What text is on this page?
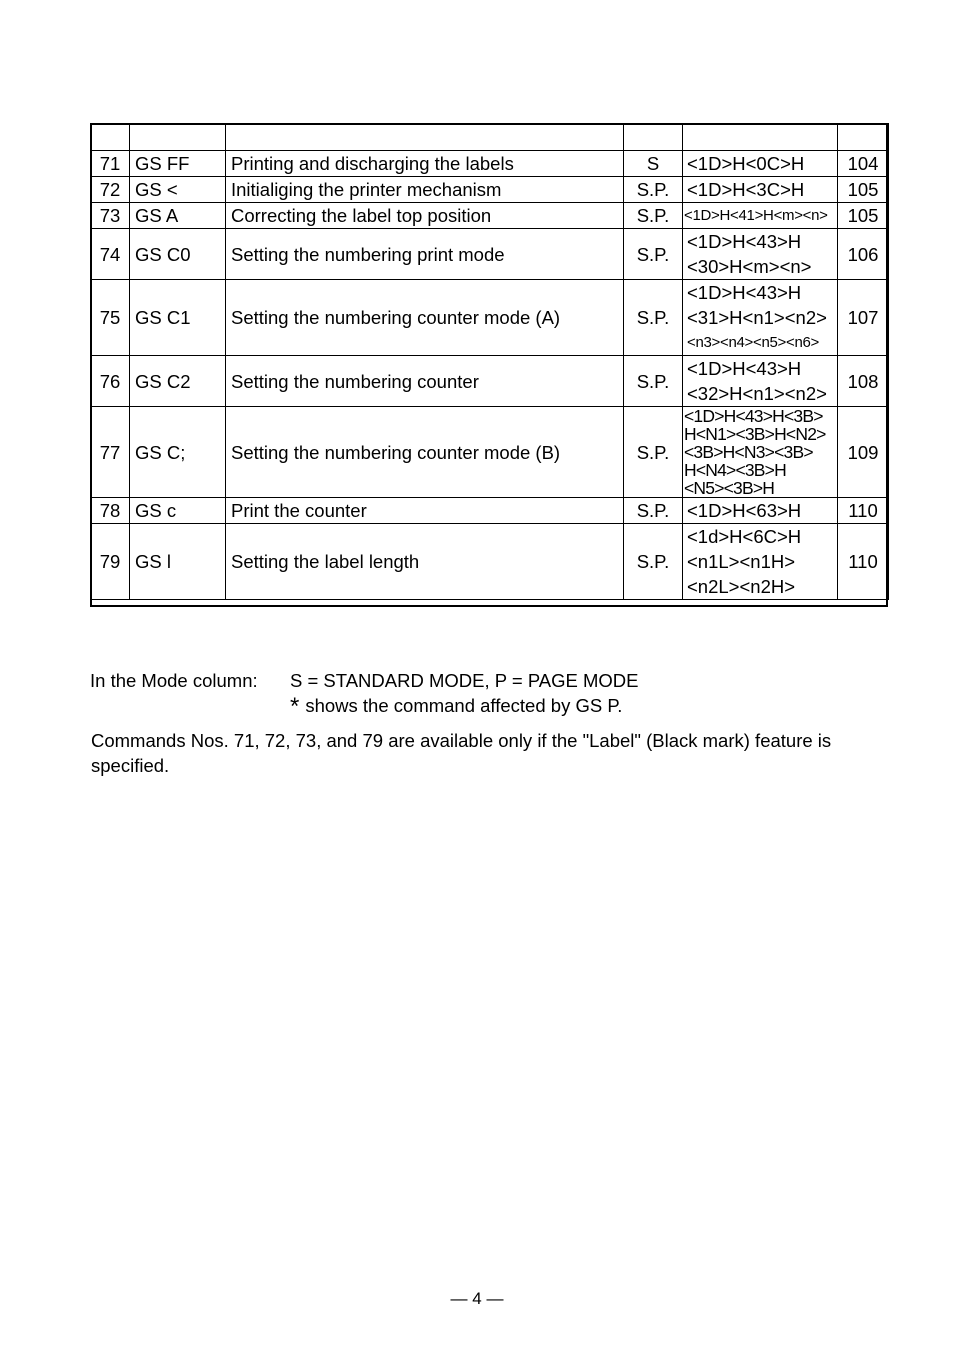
71	GS FF	Printing and discharging the labels	S	<1D>H<0C>H	104
72	GS <	Initialiging the printer mechanism	S.P.	<1D>H<3C>H	105
73	GS A	Correcting the label top position	S.P.	<1D>H<41>H<m><n>	105
74	GS C0	Setting the numbering print mode	S.P.	<1D>H<43>H
<30>H<m><n>	106
75	GS C1	Setting the numbering counter mode (A)	S.P.	<1D>H<43>H
<31>H<n1><n2>
<n3><n4><n5><n6>	107
76	GS C2	Setting the numbering counter	S.P.	<1D>H<43>H
<32>H<n1><n2>	108
77	GS C;	Setting the numbering counter mode (B)	S.P.	<1D>H<43>H<3B>
H<N1><3B>H<N2>
<3B>H<N3><3B>
H<N4><3B>H
<N5><3B>H	109
78	GS c	Print the counter	S.P.	<1D>H<63>H	110
79	GS l	Setting the label length	S.P.	<1d>H<6C>H
<n1L><n1H>
<n2L><n2H>	110
In the Mode column: S = STANDARD MODE, P = PAGE MODE
* shows the command affected by GS P.
Commands Nos. 71, 72, 73, and 79 are available only if the "Label" (Black mark) feature is specified.
— 4 —
